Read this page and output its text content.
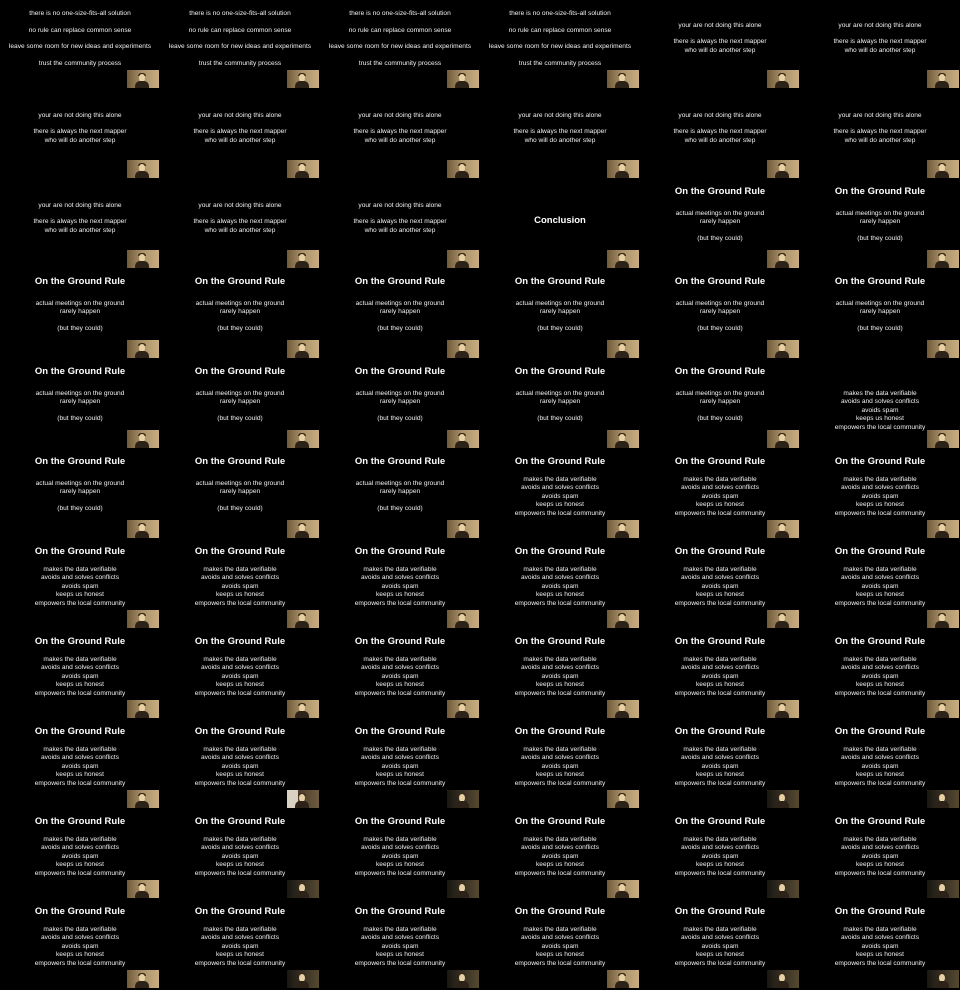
there is no one-size-fits-all solution
no rule can replace common sense
leave some room for new ideas and experiments
trust the community process
there is no one-size-fits-all solution
no rule can replace common sense
leave some room for new ideas and experiments
trust the community process
there is no one-size-fits-all solution
no rule can replace common sense
leave some room for new ideas and experiments
trust the community process
there is no one-size-fits-all solution
no rule can replace common sense
leave some room for new ideas and experiments
trust the community process
your are not doing this alone
there is always the next mapper
who will do another step
your are not doing this alone
there is always the next mapper
who will do another step
your are not doing this alone
there is always the next mapper
who will do another step
your are not doing this alone
there is always the next mapper
who will do another step
your are not doing this alone
there is always the next mapper
who will do another step
your are not doing this alone
there is always the next mapper
who will do another step
your are not doing this alone
there is always the next mapper
who will do another step
your are not doing this alone
there is always the next mapper
who will do another step
your are not doing this alone
there is always the next mapper
who will do another step
your are not doing this alone
there is always the next mapper
who will do another step
your are not doing this alone
there is always the next mapper
who will do another step
Conclusion
On the Ground Rule
actual meetings on the ground
rarely happen
(but they could)
On the Ground Rule
actual meetings on the ground
rarely happen
(but they could)
On the Ground Rule
actual meetings on the ground
rarely happen
(but they could)
On the Ground Rule
actual meetings on the ground
rarely happen
(but they could)
On the Ground Rule
actual meetings on the ground
rarely happen
(but they could)
On the Ground Rule
actual meetings on the ground
rarely happen
(but they could)
On the Ground Rule
actual meetings on the ground
rarely happen
(but they could)
On the Ground Rule
actual meetings on the ground
rarely happen
(but they could)
On the Ground Rule
actual meetings on the ground
rarely happen
(but they could)
On the Ground Rule
actual meetings on the ground
rarely happen
(but they could)
On the Ground Rule
actual meetings on the ground
rarely happen
(but they could)
On the Ground Rule
actual meetings on the ground
rarely happen
(but they could)
On the Ground Rule
actual meetings on the ground
rarely happen
(but they could)
makes the data verifiable
avoids and solves conflicts
avoids spam
keeps us honest
empowers the local community
On the Ground Rule
actual meetings on the ground
rarely happen
(but they could)
On the Ground Rule
actual meetings on the ground
rarely happen
(but they could)
On the Ground Rule
actual meetings on the ground
rarely happen
(but they could)
On the Ground Rule
makes the data verifiable
avoids and solves conflicts
avoids spam
keeps us honest
empowers the local community
On the Ground Rule
makes the data verifiable
avoids and solves conflicts
avoids spam
keeps us honest
empowers the local community
On the Ground Rule
makes the data verifiable
avoids and solves conflicts
avoids spam
keeps us honest
empowers the local community
On the Ground Rule
makes the data verifiable
avoids and solves conflicts
avoids spam
keeps us honest
empowers the local community
On the Ground Rule
makes the data verifiable
avoids and solves conflicts
avoids spam
keeps us honest
empowers the local community
On the Ground Rule
makes the data verifiable
avoids and solves conflicts
avoids spam
keeps us honest
empowers the local community
On the Ground Rule
makes the data verifiable
avoids and solves conflicts
avoids spam
keeps us honest
empowers the local community
On the Ground Rule
makes the data verifiable
avoids and solves conflicts
avoids spam
keeps us honest
empowers the local community
On the Ground Rule
makes the data verifiable
avoids and solves conflicts
avoids spam
keeps us honest
empowers the local community
On the Ground Rule
makes the data verifiable
avoids and solves conflicts
avoids spam
keeps us honest
empowers the local community
On the Ground Rule
makes the data verifiable
avoids and solves conflicts
avoids spam
keeps us honest
empowers the local community
On the Ground Rule
makes the data verifiable
avoids and solves conflicts
avoids spam
keeps us honest
empowers the local community
On the Ground Rule
makes the data verifiable
avoids and solves conflicts
avoids spam
keeps us honest
empowers the local community
On the Ground Rule
makes the data verifiable
avoids and solves conflicts
avoids spam
keeps us honest
empowers the local community
On the Ground Rule
makes the data verifiable
avoids and solves conflicts
avoids spam
keeps us honest
empowers the local community
On the Ground Rule
makes the data verifiable
avoids and solves conflicts
avoids spam
keeps us honest
empowers the local community
On the Ground Rule
makes the data verifiable
avoids and solves conflicts
avoids spam
keeps us honest
empowers the local community
On the Ground Rule
makes the data verifiable
avoids and solves conflicts
avoids spam
keeps us honest
empowers the local community
On the Ground Rule
makes the data verifiable
avoids and solves conflicts
avoids spam
keeps us honest
empowers the local community
On the Ground Rule
makes the data verifiable
avoids and solves conflicts
avoids spam
keeps us honest
empowers the local community
On the Ground Rule
makes the data verifiable
avoids and solves conflicts
avoids spam
keeps us honest
empowers the local community
On the Ground Rule
makes the data verifiable
avoids and solves conflicts
avoids spam
keeps us honest
empowers the local community
On the Ground Rule
makes the data verifiable
avoids and solves conflicts
avoids spam
keeps us honest
empowers the local community
On the Ground Rule
makes the data verifiable
avoids and solves conflicts
avoids spam
keeps us honest
empowers the local community
On the Ground Rule
makes the data verifiable
avoids and solves conflicts
avoids spam
keeps us honest
empowers the local community
On the Ground Rule
makes the data verifiable
avoids and solves conflicts
avoids spam
keeps us honest
empowers the local community
On the Ground Rule
makes the data verifiable
avoids and solves conflicts
avoids spam
keeps us honest
empowers the local community
On the Ground Rule
makes the data verifiable
avoids and solves conflicts
avoids spam
keeps us honest
empowers the local community
On the Ground Rule
makes the data verifiable
avoids and solves conflicts
avoids spam
keeps us honest
empowers the local community
On the Ground Rule
makes the data verifiable
avoids and solves conflicts
avoids spam
keeps us honest
empowers the local community
On the Ground Rule
makes the data verifiable
avoids and solves conflicts
avoids spam
keeps us honest
empowers the local community
On the Ground Rule
makes the data verifiable
avoids and solves conflicts
avoids spam
keeps us honest
empowers the local community
On the Ground Rule
makes the data verifiable
avoids and solves conflicts
avoids spam
keeps us honest
empowers the local community
